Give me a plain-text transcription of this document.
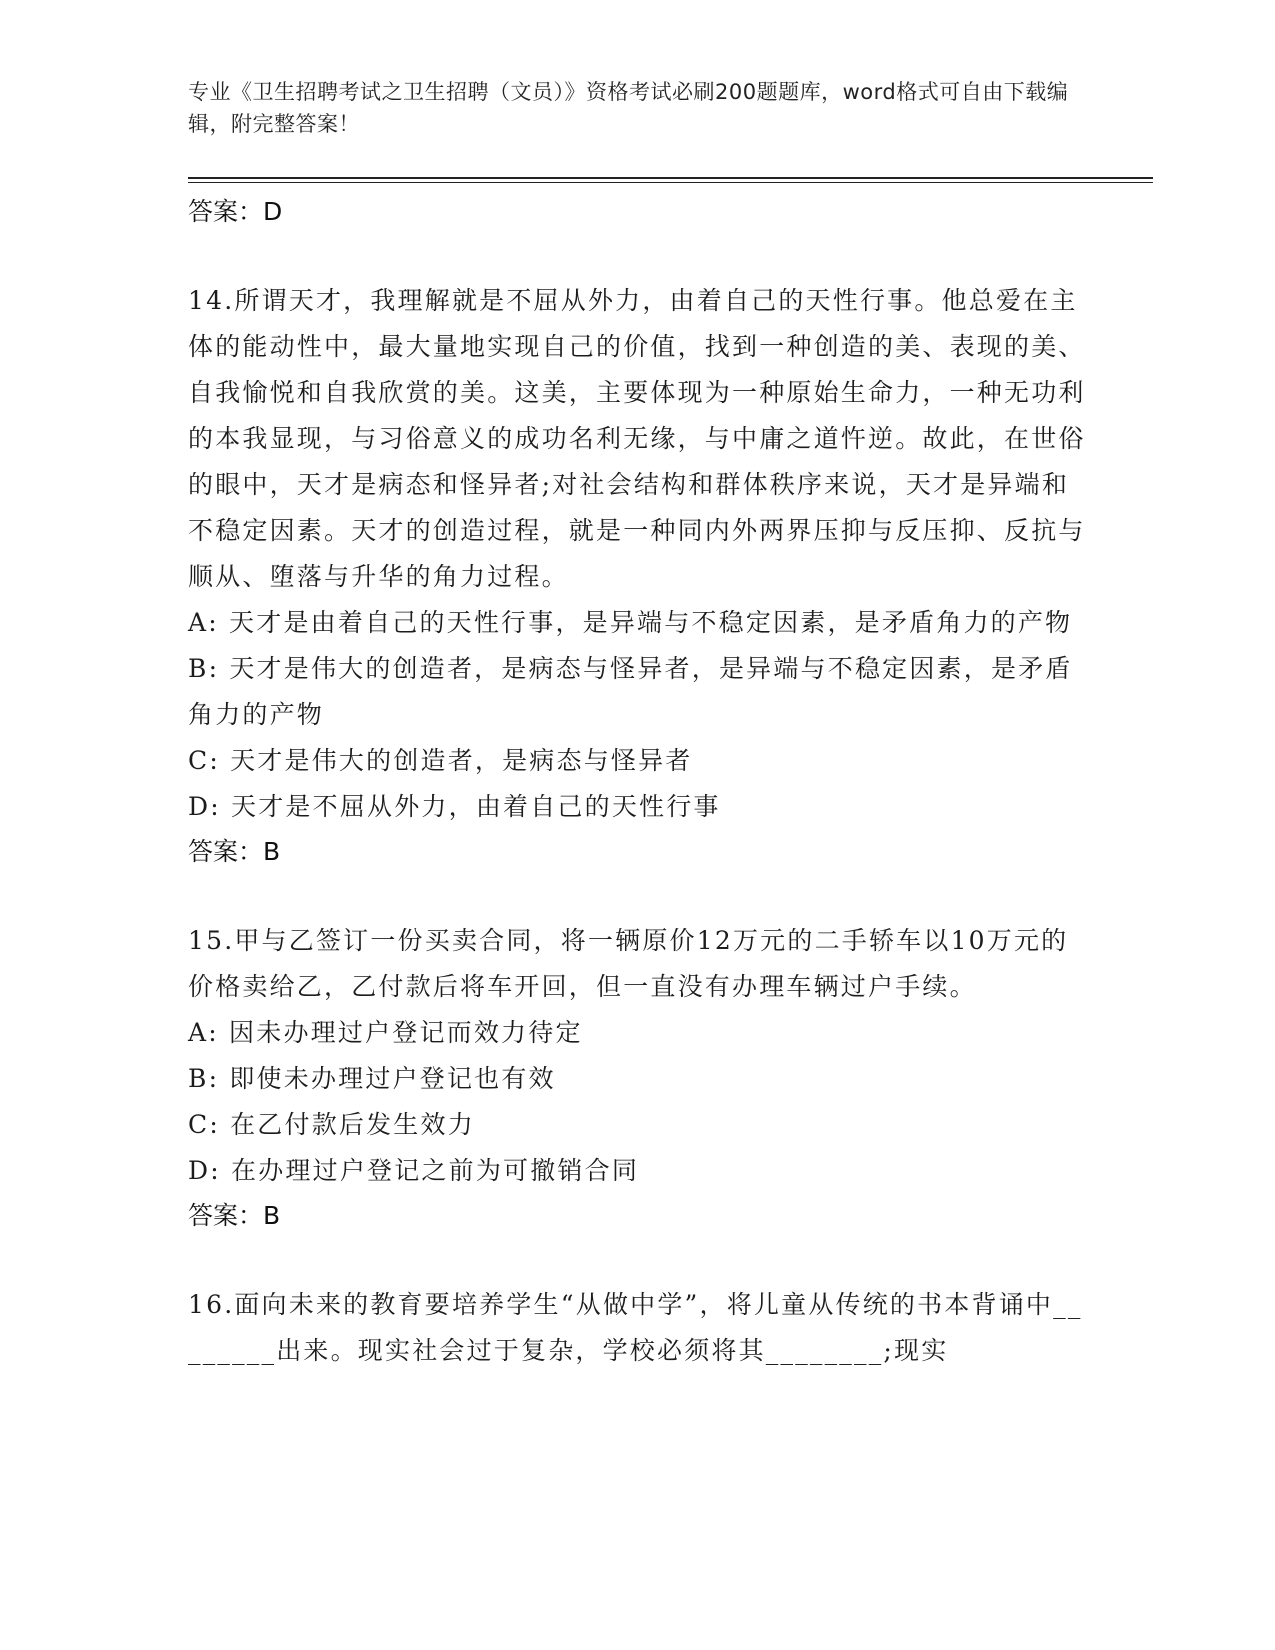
专业《卫生招聘考试之卫生招聘（文员）》资格考试必刷200题题库，word格式可自由下载编辑，附完整答案！
答案：D
14.所谓天才，我理解就是不屈从外力，由着自己的天性行事。他总爱在主体的能动性中，最大量地实现自己的价值，找到一种创造的美、表现的美、自我愉悦和自我欣赏的美。这美，主要体现为一种原始生命力，一种无功利的本我显现，与习俗意义的成功名利无缘，与中庸之道忤逆。故此，在世俗的眼中，天才是病态和怪异者;对社会结构和群体秩序来说，天才是异端和不稳定因素。天才的创造过程，就是一种同内外两界压抑与反压抑、反抗与顺从、堕落与升华的角力过程。
A: 天才是由着自己的天性行事，是异端与不稳定因素，是矛盾角力的产物
B: 天才是伟大的创造者，是病态与怪异者，是异端与不稳定因素，是矛盾角力的产物
C: 天才是伟大的创造者，是病态与怪异者
D: 天才是不屈从外力，由着自己的天性行事
答案：B
15.甲与乙签订一份买卖合同，将一辆原价12万元的二手轿车以10万元的价格卖给乙，乙付款后将车开回，但一直没有办理车辆过户手续。
A: 因未办理过户登记而效力待定
B: 即使未办理过户登记也有效
C: 在乙付款后发生效力
D: 在办理过户登记之前为可撤销合同
答案：B
16.面向未来的教育要培养学生“从做中学”，将儿童从传统的书本背诵中________出来。现实社会过于复杂，学校必须将其________;现实
